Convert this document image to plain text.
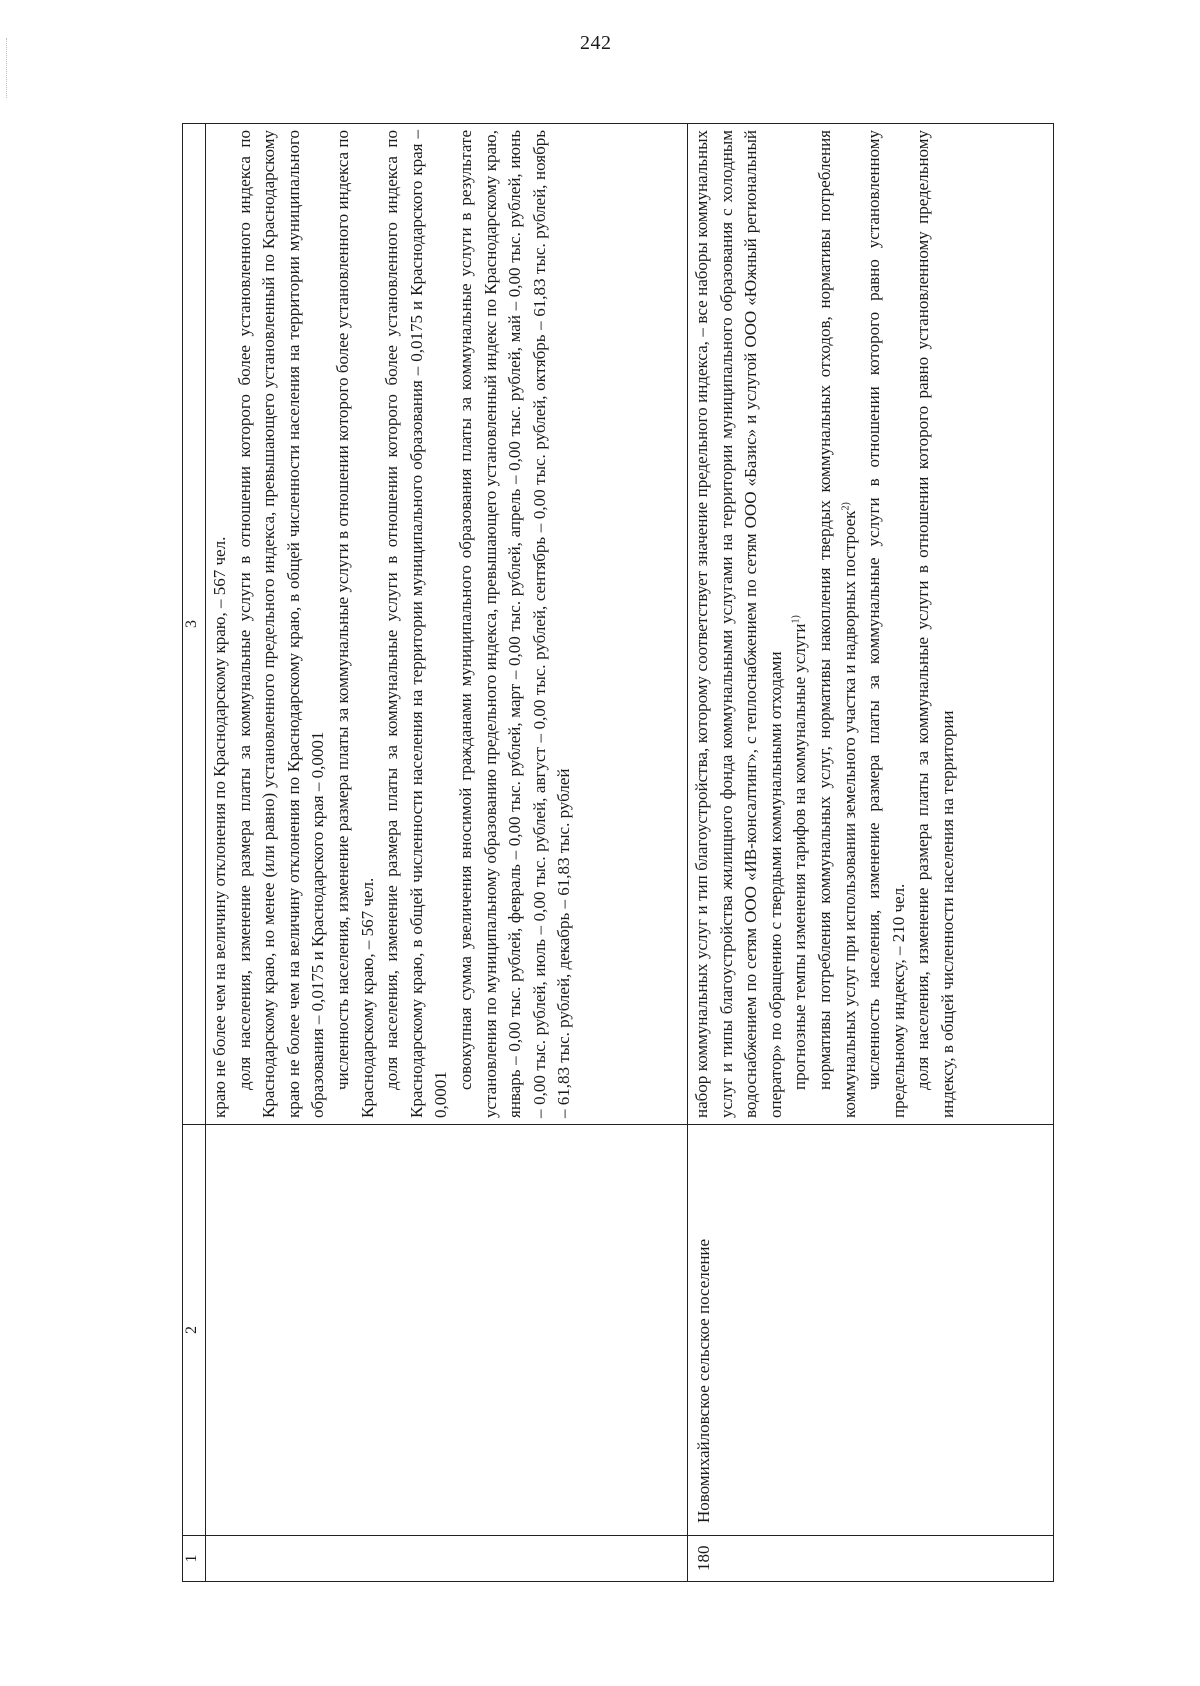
242
1	2	3

		краю не более чем на величину отклонения по Краснодарскому краю, – 567 чел. доля населения, изменение размера платы за коммунальные услуги в отношении которого более установленного индекса по Краснодарскому краю, но менее (или равно) установленного предельного индекса, превышающего установленный по Краснодарскому краю не более чем на величину отклонения по Краснодарскому краю, в общей численности населения на территории муниципального образования – 0,0175 и Краснодарского края – 0,0001 численность населения, изменение размера платы за коммунальные услуги в отношении которого более установленного индекса по Краснодарскому краю, – 567 чел. доля населения, изменение размера платы за коммунальные услуги в отношении которого более установленного индекса по Краснодарскому краю, в общей численности населения на территории муниципального образования – 0,0175 и Краснодарского края – 0,0001

совокупная сумма увеличения вносимой гражданами муниципального образования платы за коммунальные услуги в результате установления по муниципальному образованию предельного индекса, превышающего установленный индекс по Краснодарскому краю, январь – 0,00 тыс. рублей, февраль – 0,00 тыс. рублей, март – 0,00 тыс. рублей, апрель – 0,00 тыс. рублей, май – 0,00 тыс. рублей, июнь – 0,00 тыс. рублей, июль – 0,00 тыс. рублей, август – 0,00 тыс. рублей, сентябрь – 0,00 тыс. рублей, октябрь – 61,83 тыс. рублей, ноябрь – 61,83 тыс. рублей, декабрь – 61,83 тыс. рублей

180	Новомихайловское сельское поселение	набор коммунальных услуг и тип благоустройства, которому соответствует значение предельного индекса, – все наборы коммунальных услуг и типы благоустройства жилищного фонда коммунальными услугами на территории муниципального образования с холодным водоснабжением по сетям ООО «ИВ-консалтинг», с теплоснабжением по сетям ООО «Базис» и услугой ООО «Южный региональный оператор» по обращению с твердыми коммунальными отходами прогнозные темпы изменения тарифов на коммунальные услуги$^{1)}$ нормативы потребления коммунальных услуг, нормативы накопления твердых коммунальных отходов, нормативы потребления коммунальных услуг при использовании земельного участка и надворных построек$^{2)}$ численность населения, изменение размера платы за коммунальные услуги в отношении которого равно установленному предельному индексу, – 210 чел. доля населения, изменение размера платы за коммунальные услуги в отношении которого равно установленному предельному индексу, в общей численности населения на территории
